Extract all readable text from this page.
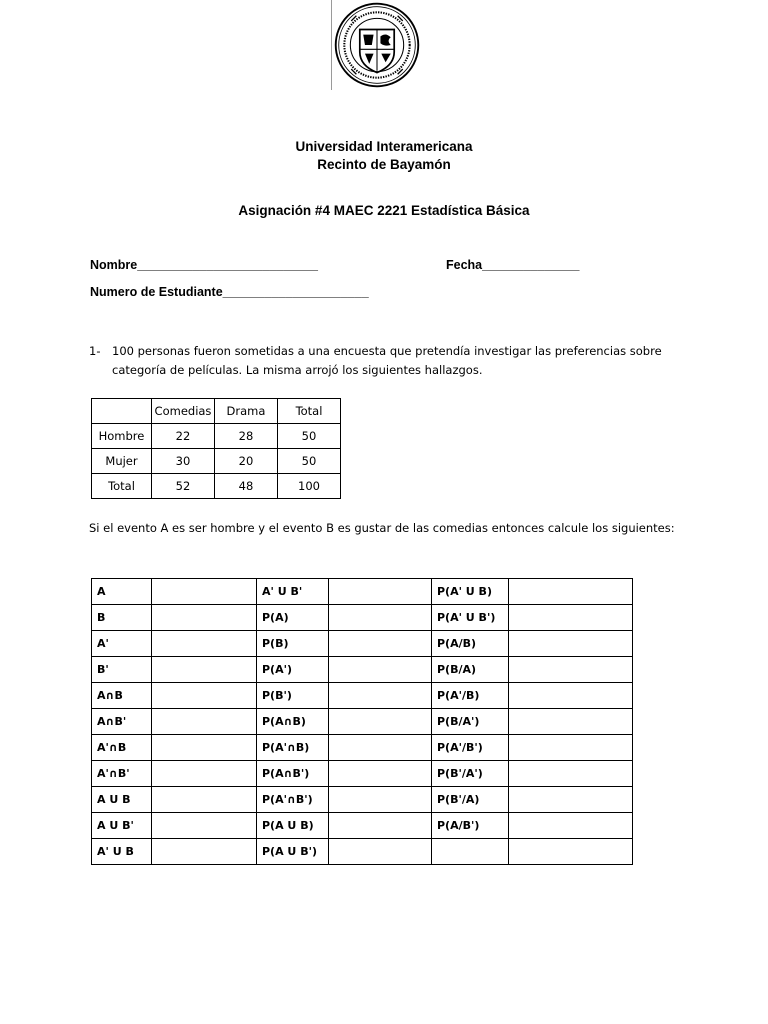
Universidad Interamericana
Recinto de Bayamón
Asignación #4 MAEC 2221 Estadística Básica
Nombre__________________________	Fecha______________
Numero de Estudiante_____________________
1- 100 personas fueron sometidas a una encuesta que pretendía investigar las preferencias sobre
categoría de películas. La misma arrojó los siguientes hallazgos.
	Comedias	Drama	Total
Hombre	22	28	50
Mujer	30	20	50
Total	52	48	100
Si el evento A es ser hombre y el evento B es gustar de las comedias entonces calcule los siguientes:
A		A' U B'		P(A' U B)	
B		P(A)		P(A' U B')	
A'		P(B)		P(A/B)	
B'		P(A')		P(B/A)	
A∩B		P(B')		P(A'/B)	
A∩B'		P(A∩B)		P(B/A')	
A'∩B		P(A'∩B)		P(A'/B')	
A'∩B'		P(A∩B')		P(B'/A')	
A U B		P(A'∩B')		P(B'/A)	
A U B'		P(A U B)		P(A/B')	
A' U B		P(A U B')			
